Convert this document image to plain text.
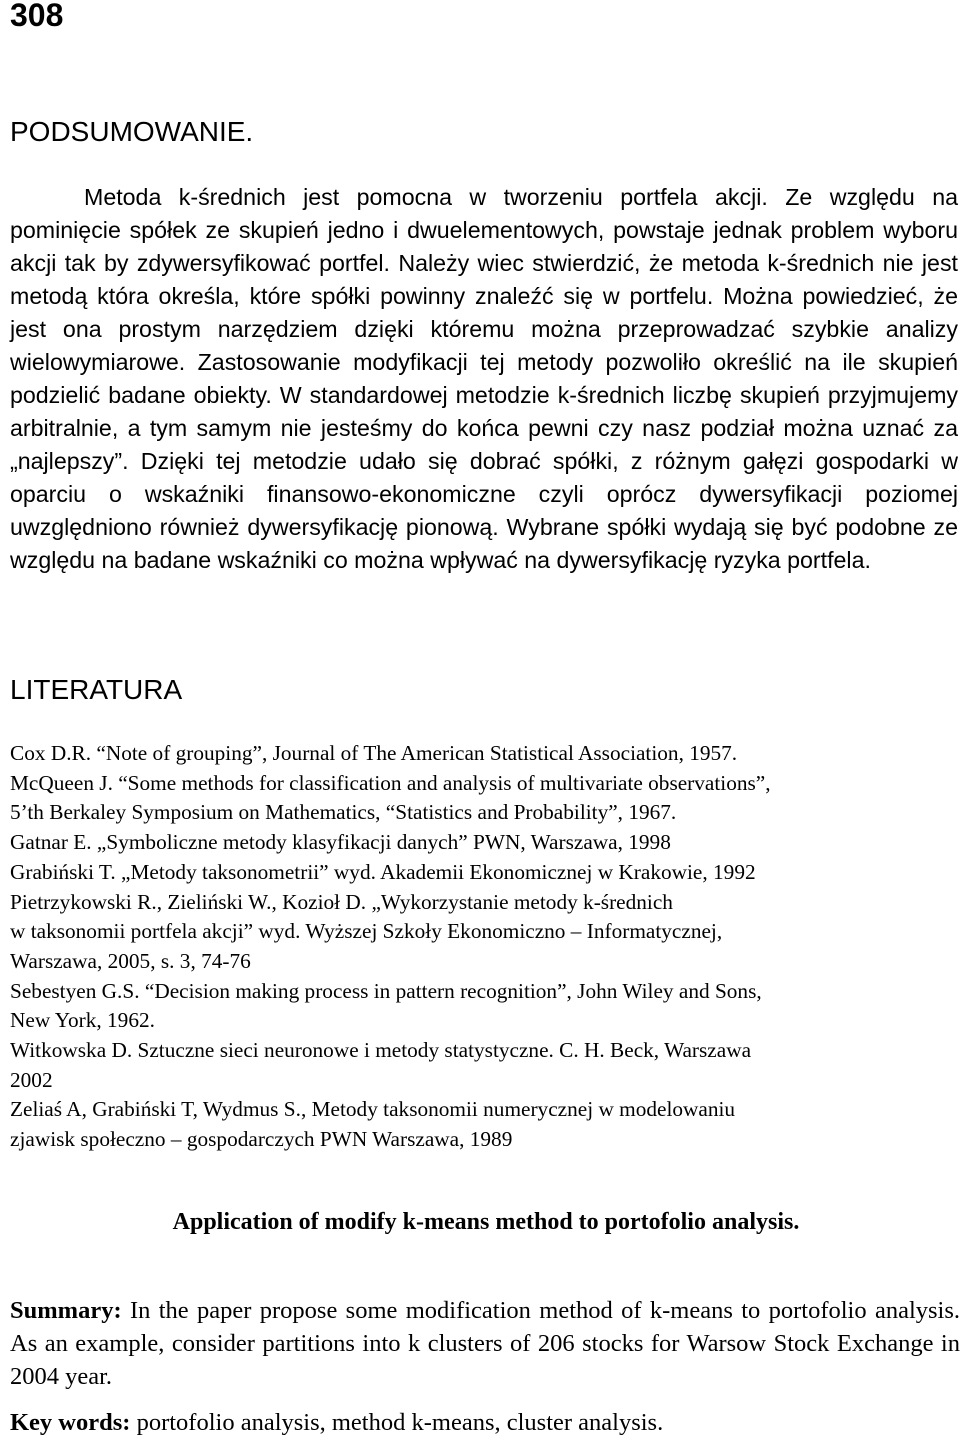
308
PODSUMOWANIE.

Metoda k-średnich jest pomocna w tworzeniu portfela akcji. Ze względu na pominięcie spółek ze skupień jedno i dwuelementowych, powstaje jednak problem wyboru akcji tak by zdywersyfikować portfel. Należy wiec stwierdzić, że metoda k-średnich nie jest metodą która określa, które spółki powinny znaleźć się w portfelu. Można powiedzieć, że jest ona prostym narzędziem dzięki któremu można przeprowadzać szybkie analizy wielowymiarowe. Zastosowanie modyfikacji tej metody pozwoliło określić na ile skupień podzielić badane obiekty. W standardowej metodzie k-średnich liczbę skupień przyjmujemy arbitralnie, a tym samym nie jesteśmy do końca pewni czy nasz podział można uznać za „najlepszy”. Dzięki tej metodzie udało się dobrać spółki, z różnym gałęzi gospodarki w oparciu o wskaźniki finansowo-ekonomiczne czyli oprócz dywersyfikacji poziomej uwzględniono również dywersyfikację pionową. Wybrane spółki wydają się być podobne ze względu na badane wskaźniki co można wpływać na dywersyfikację ryzyka portfela.

LITERATURA
Cox D.R. “Note of grouping”, Journal of The American Statistical Association, 1957.
McQueen J. “Some methods for classification and analysis of multivariate observations”,
5’th Berkaley Symposium on Mathematics, “Statistics and Probability”, 1967.
Gatnar E. „Symboliczne metody klasyfikacji danych” PWN, Warszawa, 1998
Grabiński T. „Metody taksonometrii” wyd. Akademii Ekonomicznej w Krakowie, 1992
Pietrzykowski R., Zieliński W., Kozioł D. „Wykorzystanie metody k-średnich
w taksonomii portfela akcji” wyd. Wyższej Szkoły Ekonomiczno – Informatycznej,
Warszawa, 2005, s. 3, 74-76
Sebestyen G.S. “Decision making process in pattern recognition”, John Wiley and Sons,
New York, 1962.
Witkowska D. Sztuczne sieci neuronowe i metody statystyczne. C. H. Beck, Warszawa
2002
Zeliaś A, Grabiński T, Wydmus S., Metody taksonomii numerycznej w modelowaniu
zjawisk społeczno – gospodarczych PWN Warszawa, 1989
Application of modify k-means method to portofolio analysis.

Summary: In the paper propose some modification method of k-means to portofolio analysis. As an example, consider partitions into k clusters of 206 stocks for Warsow Stock Exchange in 2004 year.

Key words: portofolio analysis, method k-means, cluster analysis.
